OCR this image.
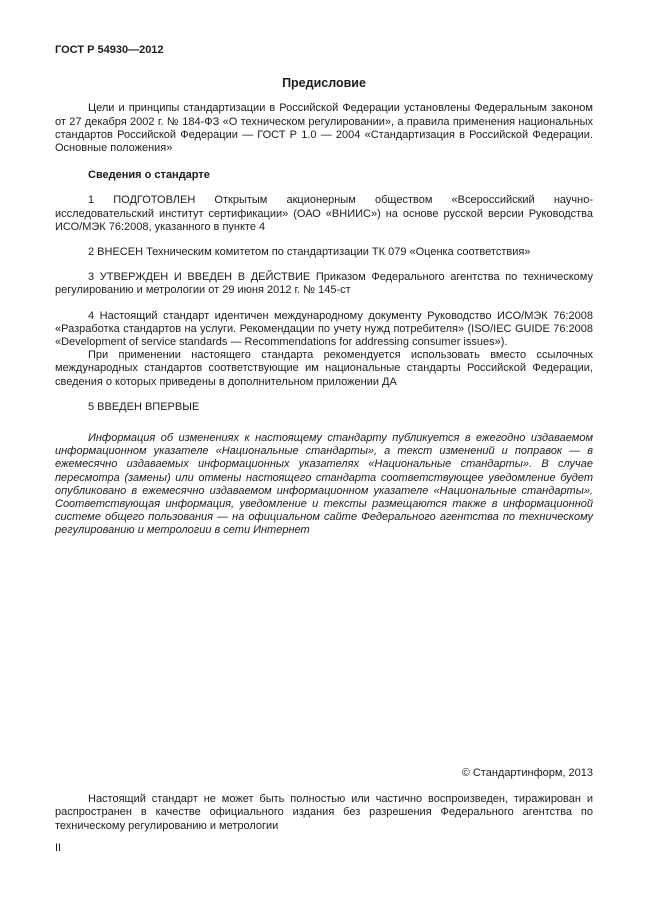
ГОСТ Р 54930—2012
Предисловие

Цели и принципы стандартизации в Российской Федерации установлены Федеральным законом от 27 декабря 2002 г. № 184-ФЗ «О техническом регулировании», а правила применения национальных стандартов Российской Федерации — ГОСТ Р 1.0 — 2004 «Стандартизация в Российской Федерации. Основные положения»

Сведения о стандарте

1 ПОДГОТОВЛЕН Открытым акционерным обществом «Всероссийский научно-исследовательский институт сертификации» (ОАО «ВНИИС») на основе русской версии Руководства ИСО/МЭК 76:2008, указанного в пункте 4

2 ВНЕСЕН Техническим комитетом по стандартизации ТК 079 «Оценка соответствия»

3 УТВЕРЖДЕН И ВВЕДЕН В ДЕЙСТВИЕ Приказом Федерального агентства по техническому регулированию и метрологии от 29 июня 2012 г. № 145-ст

4 Настоящий стандарт идентичен международному документу Руководство ИСО/МЭК 76:2008 «Разработка стандартов на услуги. Рекомендации по учету нужд потребителя» (ISO/IEC GUIDE 76:2008 «Development of service standards — Recommendations for addressing consumer issues»).

При применении настоящего стандарта рекомендуется использовать вместо ссылочных международных стандартов соответствующие им национальные стандарты Российской Федерации, сведения о которых приведены в дополнительном приложении ДА

5 ВВЕДЕН ВПЕРВЫЕ

Информация об изменениях к настоящему стандарту публикуется в ежегодно издаваемом информационном указателе «Национальные стандарты», а текст изменений и поправок — в ежемесячно издаваемых информационных указателях «Национальные стандарты». В случае пересмотра (замены) или отмены настоящего стандарта соответствующее уведомление будет опубликовано в ежемесячно издаваемом информационном указателе «Национальные стандарты». Соответствующая информация, уведомление и тексты размещаются также в информационной системе общего пользования — на официальном сайте Федерального агентства по техническому регулированию и метрологии в сети Интернет

© Стандартинформ, 2013

Настоящий стандарт не может быть полностью или частично воспроизведен, тиражирован и распространен в качестве официального издания без разрешения Федерального агентства по техническому регулированию и метрологии

II
